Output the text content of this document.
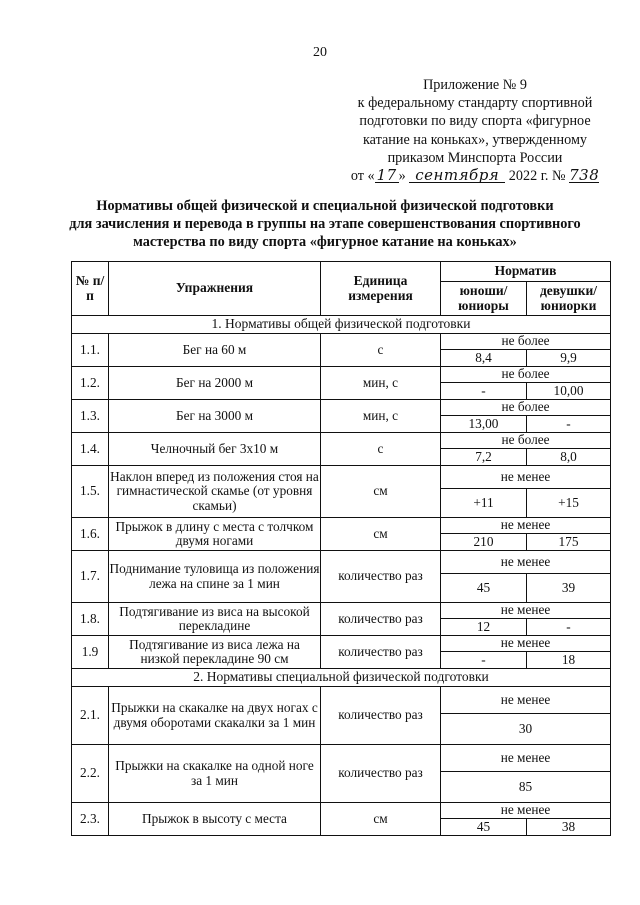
20
Приложение № 9
к федеральному стандарту спортивной
подготовки по виду спорта «фигурное
катание на коньках», утвержденному
приказом Минспорта России
от « 17 » сентября 2022 г. № 738
Нормативы общей физической и специальной физической подготовки
для зачисления и перевода в группы на этапе совершенствования спортивного
мастерства по виду спорта «фигурное катание на коньках»
№ п/п	Упражнения	Единица измерения	Норматив	
			юноши/ юниоры	девушки/ юниорки
1. Нормативы общей физической подготовки				
1.1.	Бег на 60 м	с	не более	
			8,4	9,9
1.2.	Бег на 2000 м	мин, с	не более	
			-	10,00
1.3.	Бег на 3000 м	мин, с	не более	
			13,00	-
1.4.	Челночный бег 3х10 м	с	не более	
			7,2	8,0
1.5.	Наклон вперед из положения стоя на гимнастической скамье (от уровня скамьи)	см	не менее	
			+11	+15
1.6.	Прыжок в длину с места с толчком двумя ногами	см	не менее	
			210	175
1.7.	Поднимание туловища из положения лежа на спине за 1 мин	количество раз	не менее	
			45	39
1.8.	Подтягивание из виса на высокой перекладине	количество раз	не менее	
			12	-
1.9	Подтягивание из виса лежа на низкой перекладине 90 см	количество раз	не менее	
			-	18
2. Нормативы специальной физической подготовки				
2.1.	Прыжки на скакалке на двух ногах с двумя оборотами скакалки за 1 мин	количество раз	не менее	
			30	
2.2.	Прыжки на скакалке на одной ноге за 1 мин	количество раз	не менее	
			85	
2.3.	Прыжок в высоту с места	см	не менее	
			45	38
